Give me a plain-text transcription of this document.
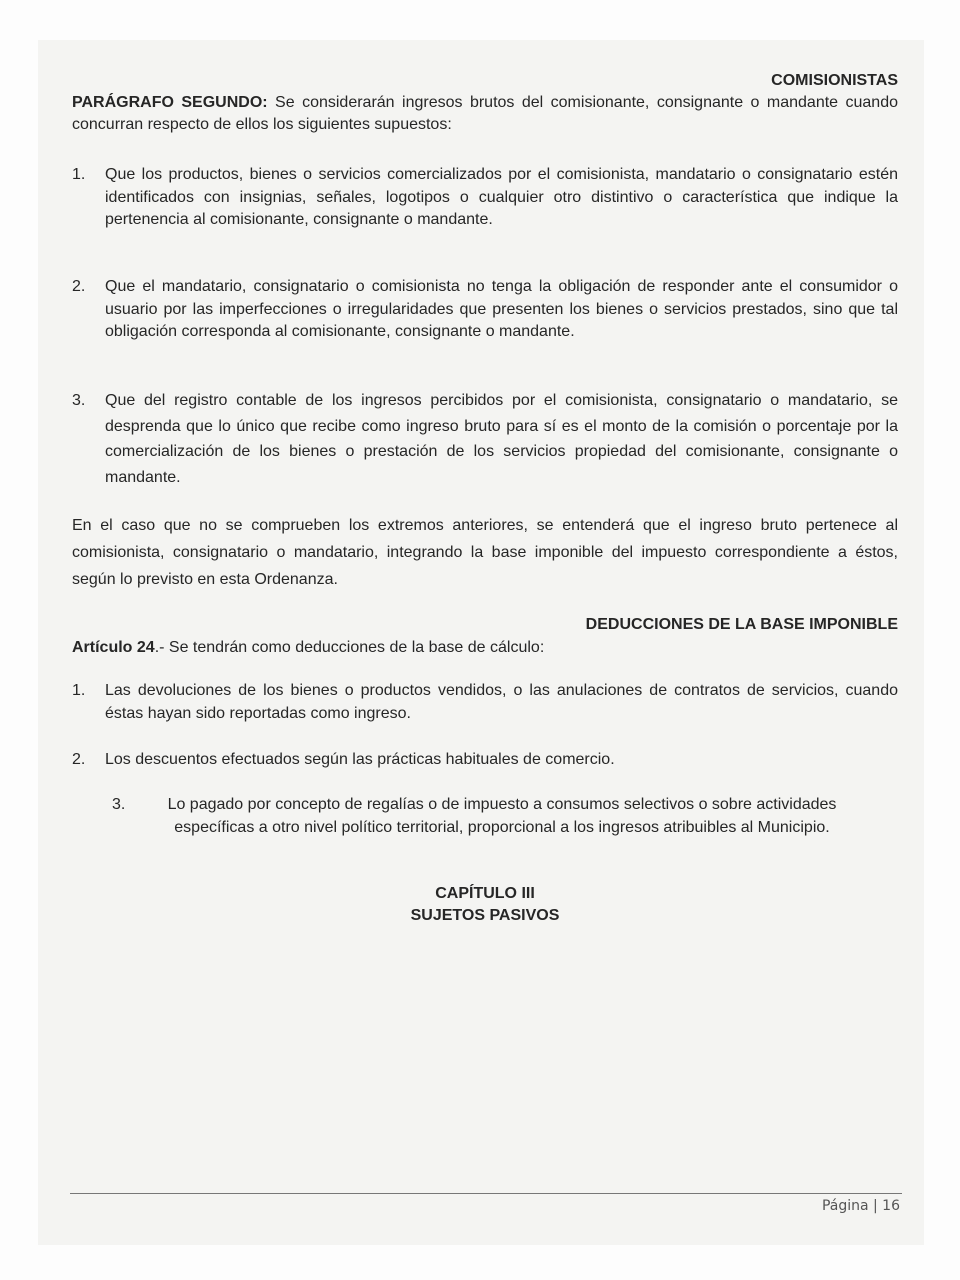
COMISIONISTAS
PARÁGRAFO SEGUNDO: Se considerarán ingresos brutos del comisionante, consignante o mandante cuando concurran respecto de ellos los siguientes supuestos:
1. Que los productos, bienes o servicios comercializados por el comisionista, mandatario o consignatario estén identificados con insignias, señales, logotipos o cualquier otro distintivo o característica que indique la pertenencia al comisionante, consignante o mandante.
2. Que el mandatario, consignatario o comisionista no tenga la obligación de responder ante el consumidor o usuario por las imperfecciones o irregularidades que presenten los bienes o servicios prestados, sino que tal obligación corresponda al comisionante, consignante o mandante.
3. Que del registro contable de los ingresos percibidos por el comisionista, consignatario o mandatario, se desprenda que lo único que recibe como ingreso bruto para sí es el monto de la comisión o porcentaje por la comercialización de los bienes o prestación de los servicios propiedad del comisionante, consignante o mandante.
En el caso que no se comprueben los extremos anteriores, se entenderá que el ingreso bruto pertenece al comisionista, consignatario o mandatario, integrando la base imponible del impuesto correspondiente a éstos, según lo previsto en esta Ordenanza.
DEDUCCIONES DE LA BASE IMPONIBLE
Artículo 24.- Se tendrán como deducciones de la base de cálculo:
1. Las devoluciones de los bienes o productos vendidos, o las anulaciones de contratos de servicios, cuando éstas hayan sido reportadas como ingreso.
2. Los descuentos efectuados según las prácticas habituales de comercio.
3.	Lo pagado por concepto de regalías o de impuesto a consumos selectivos o sobre actividades específicas a otro nivel político territorial, proporcional a los ingresos atribuibles al Municipio.
CAPÍTULO III
SUJETOS PASIVOS
Página | 16
